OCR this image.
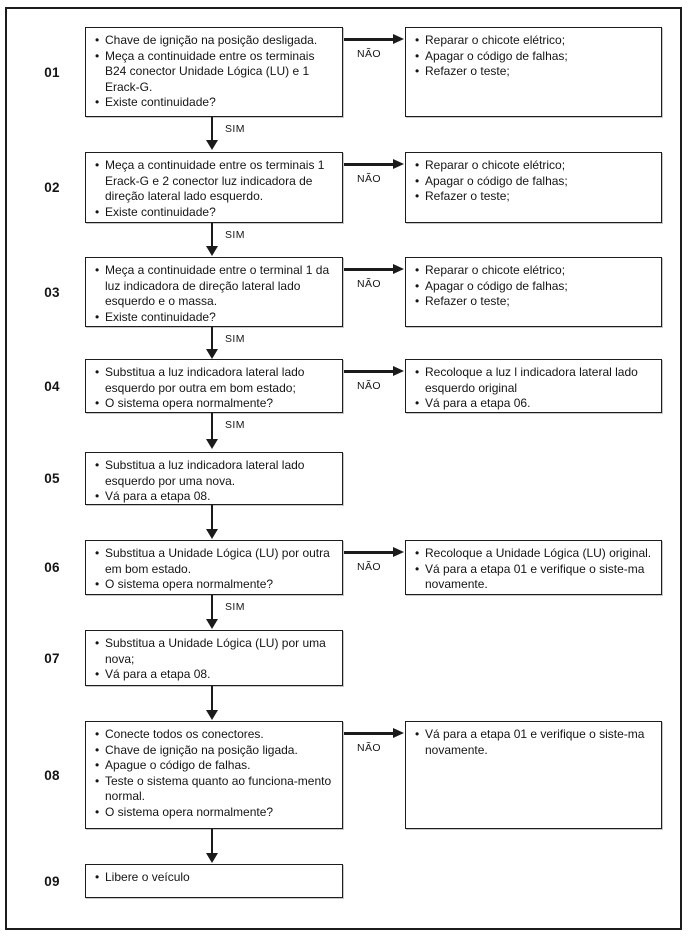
01
• Chave de ignição na posição desligada.
• Meça a continuidade entre os terminais B24 conector Unidade Lógica (LU) e 1 Erack-G.
• Existe continuidade?
NÃO
• Reparar o chicote elétrico;
• Apagar o código de falhas;
• Refazer o teste;
SIM
02
• Meça a continuidade entre os terminais 1 Erack-G e 2 conector luz indicadora de direção lateral lado esquerdo.
• Existe continuidade?
NÃO
• Reparar o chicote elétrico;
• Apagar o código de falhas;
• Refazer o teste;
SIM
03
• Meça a continuidade entre o terminal 1 da luz indicadora de direção lateral lado esquerdo e o massa.
• Existe continuidade?
NÃO
• Reparar o chicote elétrico;
• Apagar o código de falhas;
• Refazer o teste;
SIM
04
• Substitua a luz indicadora lateral lado esquerdo por outra em bom estado;
• O sistema opera normalmente?
NÃO
• Recoloque a luz l indicadora lateral lado esquerdo original
• Vá para a etapa 06.
SIM
05
• Substitua a luz indicadora lateral lado esquerdo por uma nova.
• Vá para a etapa 08.
06
• Substitua a Unidade Lógica (LU) por outra em bom estado.
• O sistema opera normalmente?
NÃO
• Recoloque a Unidade Lógica (LU) original.
• Vá para a etapa 01 e verifique o siste-ma novamente.
SIM
07
• Substitua a Unidade Lógica (LU) por uma nova;
• Vá para a etapa 08.
08
• Conecte todos os conectores.
• Chave de ignição na posição ligada.
• Apague o código de falhas.
• Teste o sistema quanto ao funciona-mento normal.
• O sistema opera normalmente?
NÃO
• Vá para a etapa 01 e verifique o siste-ma novamente.
09	• Libere o veículo
